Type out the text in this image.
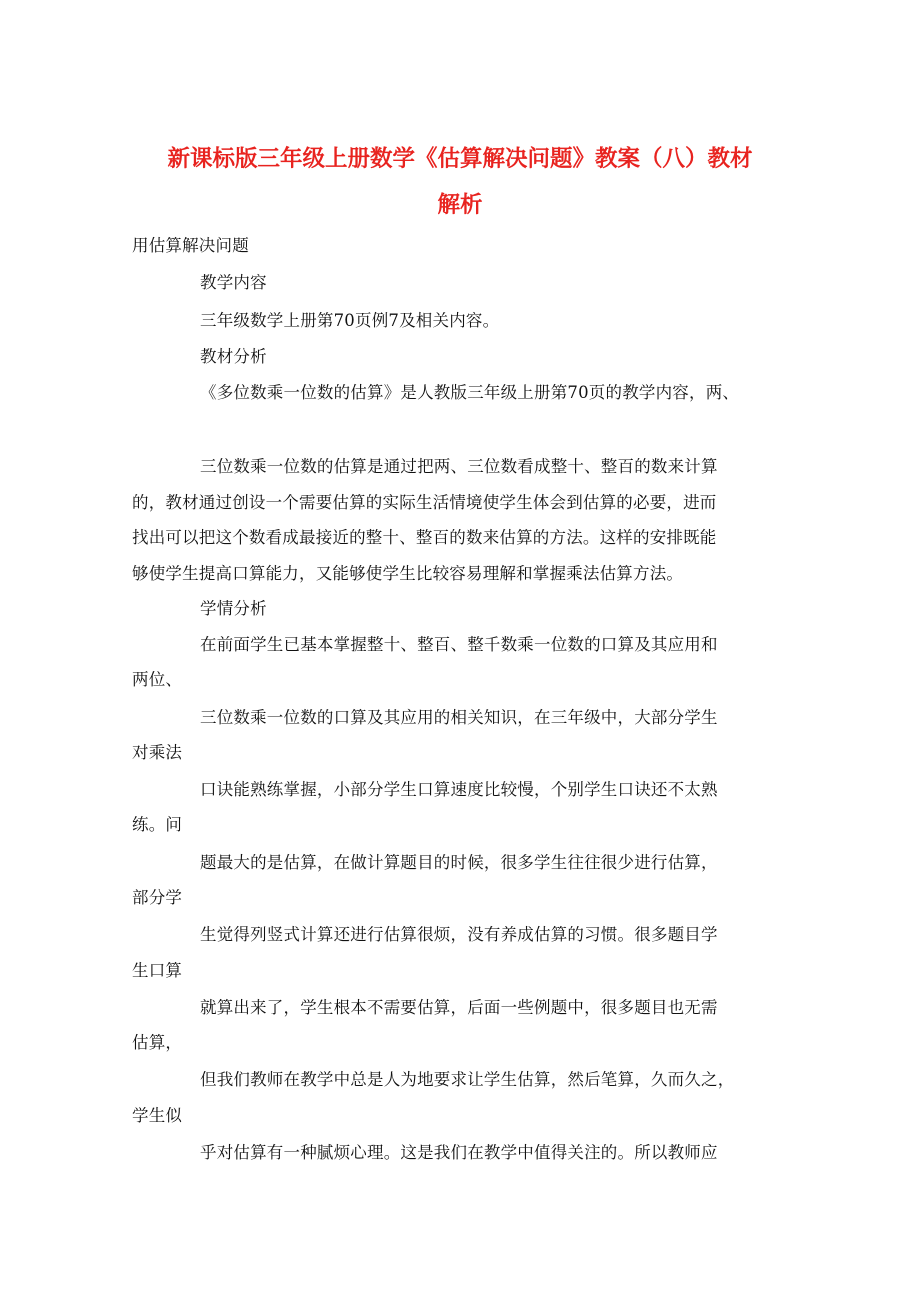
新课标版三年级上册数学《估算解决问题》教案（八）教材
解析
用估算解决问题
教学内容
三年级数学上册第70页例7及相关内容。
教材分析
《多位数乘一位数的估算》是人教版三年级上册第70页的教学内容，两、
三位数乘一位数的估算是通过把两、三位数看成整十、整百的数来计算
的，教材通过创设一个需要估算的实际生活情境使学生体会到估算的必要，进而
找出可以把这个数看成最接近的整十、整百的数来估算的方法。这样的安排既能
够使学生提高口算能力，又能够使学生比较容易理解和掌握乘法估算方法。
学情分析
在前面学生已基本掌握整十、整百、整千数乘一位数的口算及其应用和
两位、
三位数乘一位数的口算及其应用的相关知识，在三年级中，大部分学生
对乘法
口诀能熟练掌握，小部分学生口算速度比较慢，个别学生口诀还不太熟
练。问
题最大的是估算，在做计算题目的时候，很多学生往往很少进行估算，
部分学
生觉得列竖式计算还进行估算很烦，没有养成估算的习惯。很多题目学
生口算
就算出来了，学生根本不需要估算，后面一些例题中，很多题目也无需
估算，
但我们教师在教学中总是人为地要求让学生估算，然后笔算，久而久之，
学生似
乎对估算有一种腻烦心理。这是我们在教学中值得关注的。所以教师应
